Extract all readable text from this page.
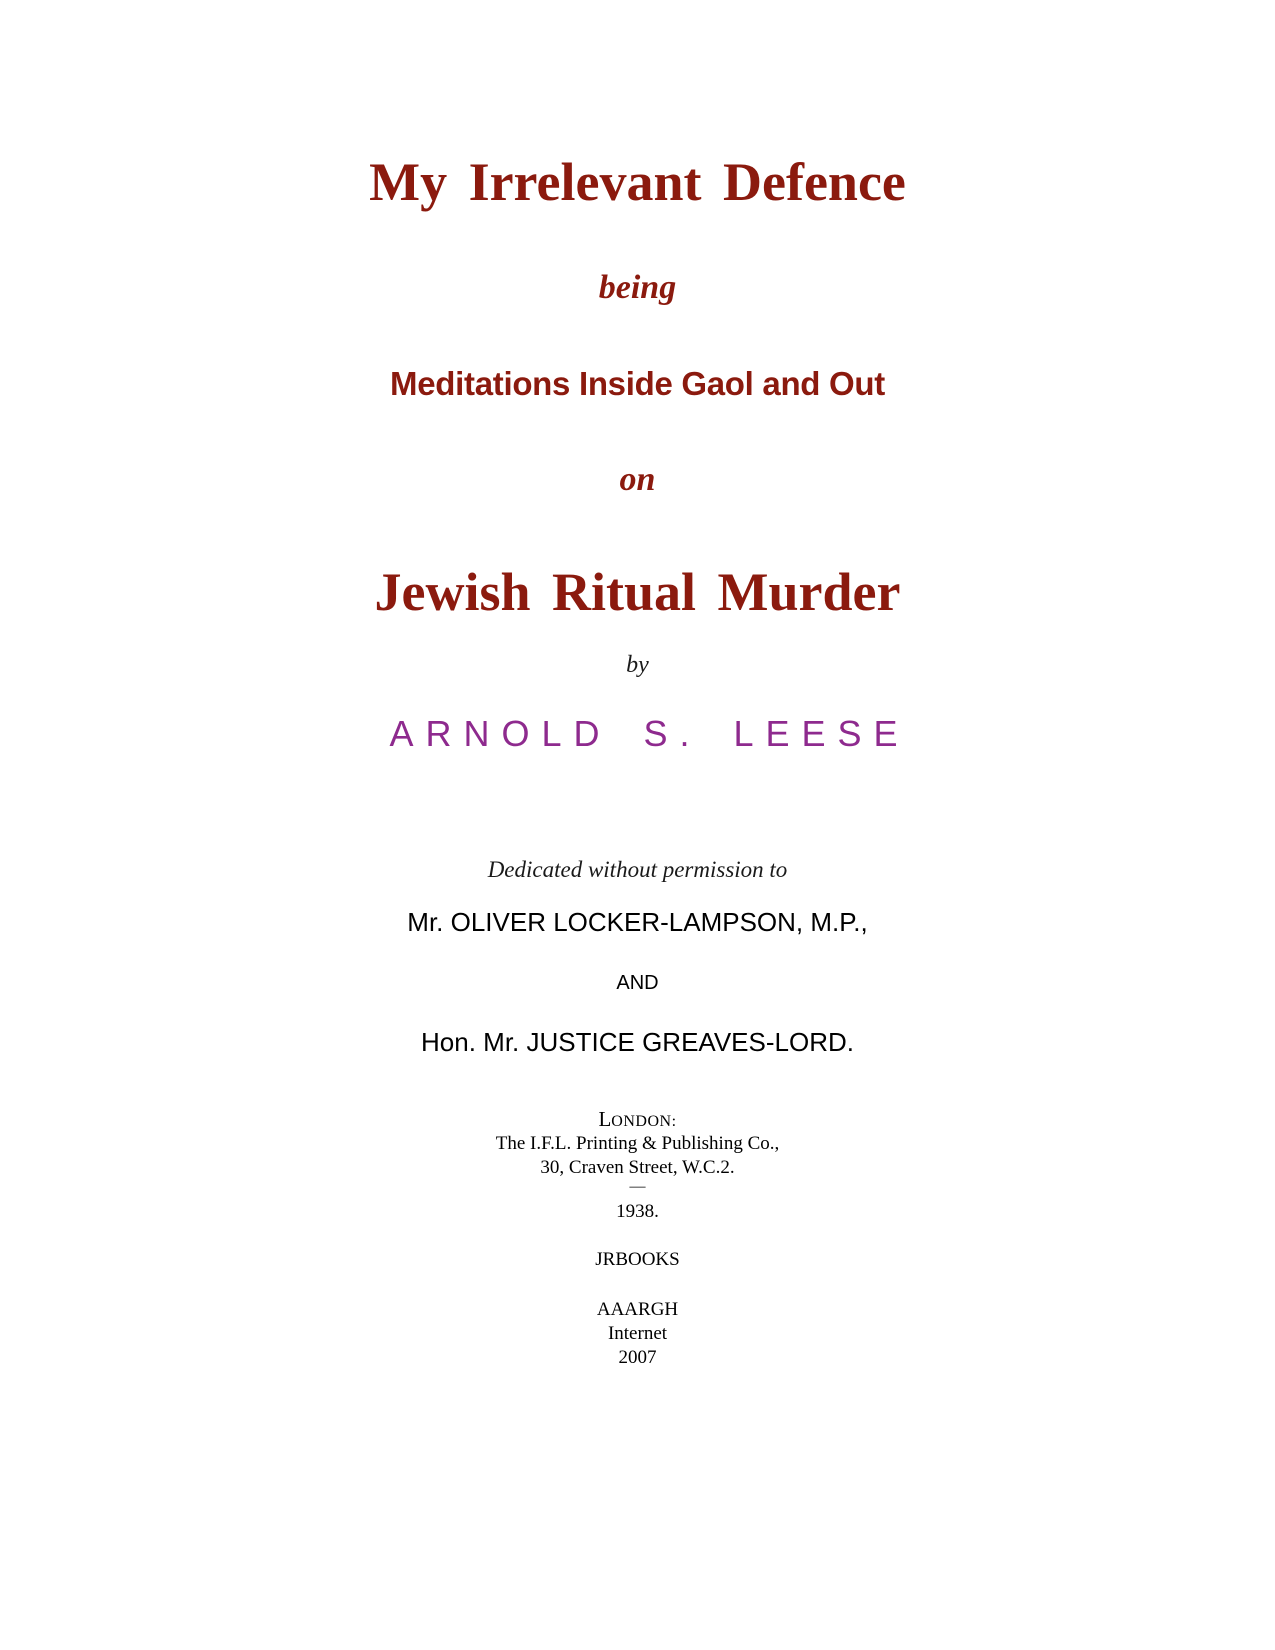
My Irrelevant Defence

being

Meditations Inside Gaol and Out

on

Jewish Ritual Murder

by

ARNOLD S. LEESE

Dedicated without permission to

Mr. OLIVER LOCKER-LAMPSON, M.P.,

AND

Hon. Mr. JUSTICE GREAVES-LORD.

LONDON:

The I.F.L. Printing & Publishing Co.,

30, Craven Street, W.C.2.

—

1938.

JRBOOKS

AAARGH

Internet

2007
